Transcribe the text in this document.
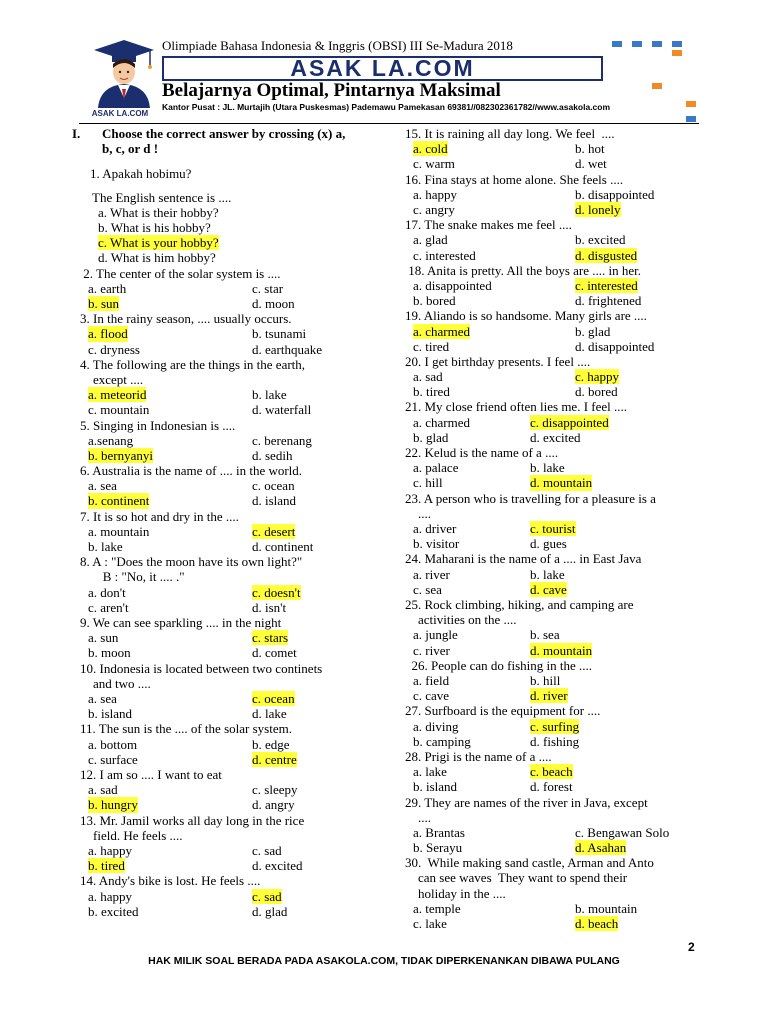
ASAK LA.COM
Olimpiade Bahasa Indonesia & Inggris (OBSI) III Se-Madura 2018
ASAK LA.COM
Belajarnya Optimal, Pintarnya Maksimal
Kantor Pusat : JL. Murtajih (Utara Puskesmas) Pademawu Pamekasan 69381//082302361782//www.asakola.com
I. Choose the correct answer by crossing (x) a,
b, c, or d !
1. Apakah hobimu?
The English sentence is ....
a. What is their hobby?
b. What is his hobby?
c. What is your hobby?
d. What is him hobby?
2. The center of the solar system is ....
a. earth	c. star
b. sun	d. moon
3. In the rainy season, .... usually occurs.
a. flood	b. tsunami
c. dryness	d. earthquake
4. The following are the things in the earth,
except ....
a. meteorid	b. lake
c. mountain	d. waterfall
5. Singing in Indonesian is ....
a.senang	c. berenang
b. bernyanyi	d. sedih
6. Australia is the name of .... in the world.
a. sea	c. ocean
b. continent	d. island
7. It is so hot and dry in the ....
a. mountain	c. desert
b. lake	d. continent
8. A : "Does the moon have its own light?"
B : "No, it .... ."
a. don't	c. doesn't
c. aren't	d. isn't
9. We can see sparkling .... in the night
a. sun	c. stars
b. moon	d. comet
10. Indonesia is located between two continets
and two ....
a. sea	c. ocean
b. island	d. lake
11. The sun is the .... of the solar system.
a. bottom	b. edge
c. surface	d. centre
12. I am so .... I want to eat
a. sad	c. sleepy
b. hungry	d. angry
13. Mr. Jamil works all day long in the rice
field. He feels ....
a. happy	c. sad
b. tired	d. excited
14. Andy's bike is lost. He feels ....
a. happy	c. sad
b. excited	d. glad
15. It is raining all day long. We feel  ....
a. cold	b. hot
c. warm	d. wet
16. Fina stays at home alone. She feels ....
a. happy	b. disappointed
c. angry	d. lonely
17. The snake makes me feel ....
a. glad	b. excited
c. interested	d. disgusted
18. Anita is pretty. All the boys are .... in her.
a. disappointed	c. interested
b. bored	d. frightened
19. Aliando is so handsome. Many girls are ....
a. charmed	b. glad
c. tired	d. disappointed
20. I get birthday presents. I feel ....
a. sad	c. happy
b. tired	d. bored
21. My close friend often lies me. I feel ....
a. charmed	c. disappointed
b. glad	d. excited
22. Kelud is the name of a ....
a. palace	b. lake
c. hill	d. mountain
23. A person who is travelling for a pleasure is a
....
a. driver	c. tourist
b. visitor	d. gues
24. Maharani is the name of a .... in East Java
a. river	b. lake
c. sea	d. cave
25. Rock climbing, hiking, and camping are
activities on the ....
a. jungle	b. sea
c. river	d. mountain
26. People can do fishing in the ....
a. field	b. hill
c. cave	d. river
27. Surfboard is the equipment for ....
a. diving	c. surfing
b. camping	d. fishing
28. Prigi is the name of a ....
a. lake	c. beach
b. island	d. forest
29. They are names of the river in Java, except
....
a. Brantas	c. Bengawan Solo
b. Serayu	d. Asahan
30.  While making sand castle, Arman and Anto
can see waves  They want to spend their
holiday in the ....
a. temple	b. mountain
c. lake	d. beach
2
HAK MILIK SOAL BERADA PADA ASAKOLA.COM, TIDAK DIPERKENANKAN DIBAWA PULANG
